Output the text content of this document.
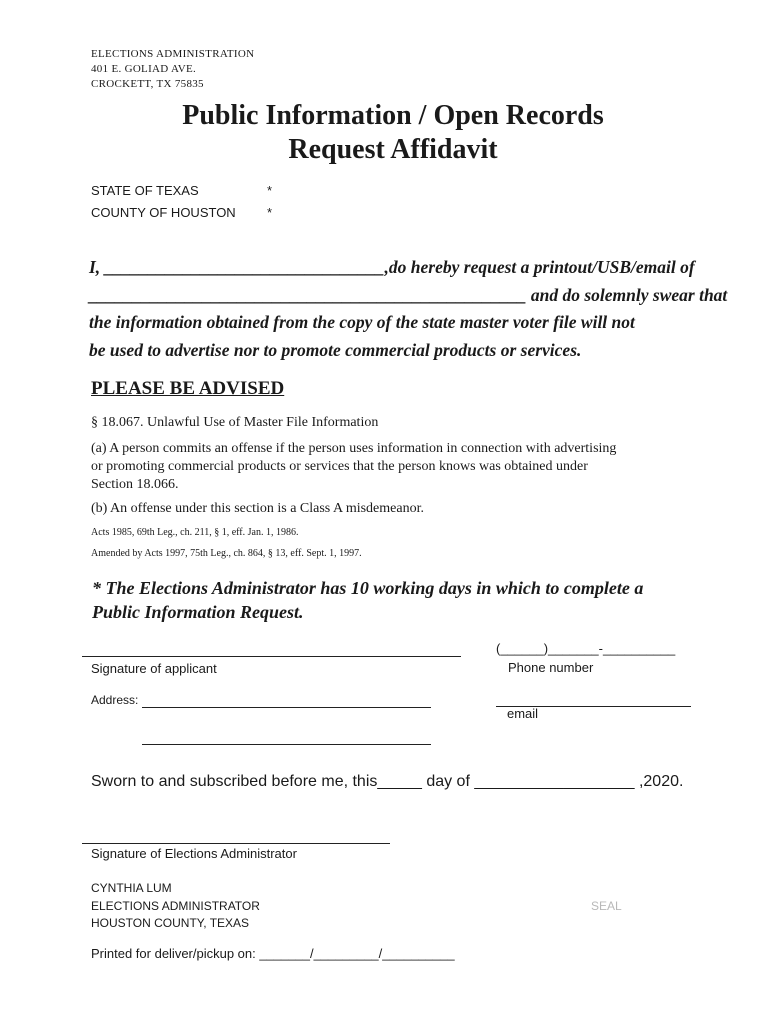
ELECTIONS ADMINISTRATION
401 E. GOLIAD AVE.
CROCKETT, TX 75835
Public Information / Open Records
Request Affidavit
STATE OF TEXAS	*
COUNTY OF HOUSTON *
I, ________________________________,do hereby request a printout/USB/email of
__________________________________________________ and do solemnly swear that
the information obtained from the copy of the state master voter file will not
be used to advertise nor to promote commercial products or services.
PLEASE BE ADVISED
§ 18.067. Unlawful Use of Master File Information
(a) A person commits an offense if the person uses information in connection with advertising
or promoting commercial products or services that the person knows was obtained under
Section 18.066.
(b) An offense under this section is a Class A misdemeanor.
Acts 1985, 69th Leg., ch. 211, § 1, eff. Jan. 1, 1986.
Amended by Acts 1997, 75th Leg., ch. 864, § 13, eff. Sept. 1, 1997.
* The Elections Administrator has 10 working days in which to complete a
Public Information Request.
Signature of applicant
(______)_______-__________
Phone number
Address:
email
Sworn to and subscribed before me, this_____ day of __________________ ,2020.
Signature of Elections Administrator
CYNTHIA LUM
ELECTIONS ADMINISTRATOR
HOUSTON COUNTY, TEXAS
SEAL
Printed for deliver/pickup on: _______/_________/__________
